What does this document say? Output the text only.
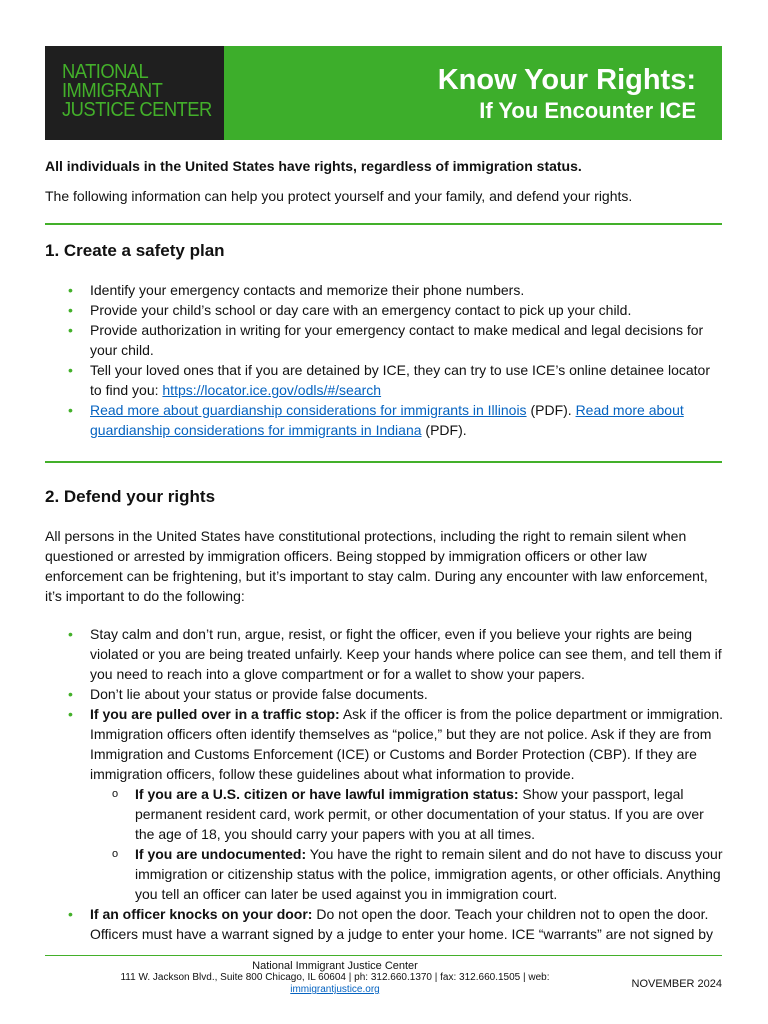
NATIONAL
IMMIGRANT
JUSTICE CENTER
Know Your Rights:
If You Encounter ICE

All individuals in the United States have rights, regardless of immigration status.

The following information can help you protect yourself and your family, and defend your rights.

1. Create a safety plan
• Identify your emergency contacts and memorize their phone numbers.
• Provide your child’s school or day care with an emergency contact to pick up your child.
• Provide authorization in writing for your emergency contact to make medical and legal decisions for your child.
• Tell your loved ones that if you are detained by ICE, they can try to use ICE’s online detainee locator to find you: https://locator.ice.gov/odls/#/search
• Read more about guardianship considerations for immigrants in Illinois (PDF). Read more about guardianship considerations for immigrants in Indiana (PDF).
2. Defend your rights

All persons in the United States have constitutional protections, including the right to remain silent when questioned or arrested by immigration officers. Being stopped by immigration officers or other law enforcement can be frightening, but it’s important to stay calm. During any encounter with law enforcement, it’s important to do the following:

• Stay calm and don’t run, argue, resist, or fight the officer, even if you believe your rights are being violated or you are being treated unfairly. Keep your hands where police can see them, and tell them if you need to reach into a glove compartment or for a wallet to show your papers.
• Don’t lie about your status or provide false documents.
• If you are pulled over in a traffic stop: Ask if the officer is from the police department or immigration. Immigration officers often identify themselves as “police,” but they are not police. Ask if they are from Immigration and Customs Enforcement (ICE) or Customs and Border Protection (CBP). If they are immigration officers, follow these guidelines about what information to provide.
o If you are a U.S. citizen or have lawful immigration status: Show your passport, legal permanent resident card, work permit, or other documentation of your status. If you are over the age of 18, you should carry your papers with you at all times.
o If you are undocumented: You have the right to remain silent and do not have to discuss your immigration or citizenship status with the police, immigration agents, or other officials. Anything you tell an officer can later be used against you in immigration court.
• If an officer knocks on your door: Do not open the door. Teach your children not to open the door. Officers must have a warrant signed by a judge to enter your home. ICE “warrants” are not signed by
National Immigrant Justice Center
111 W. Jackson Blvd., Suite 800 Chicago, IL 60604 | ph: 312.660.1370 | fax: 312.660.1505 | web:
immigrantjustice.org	NOVEMBER 2024
